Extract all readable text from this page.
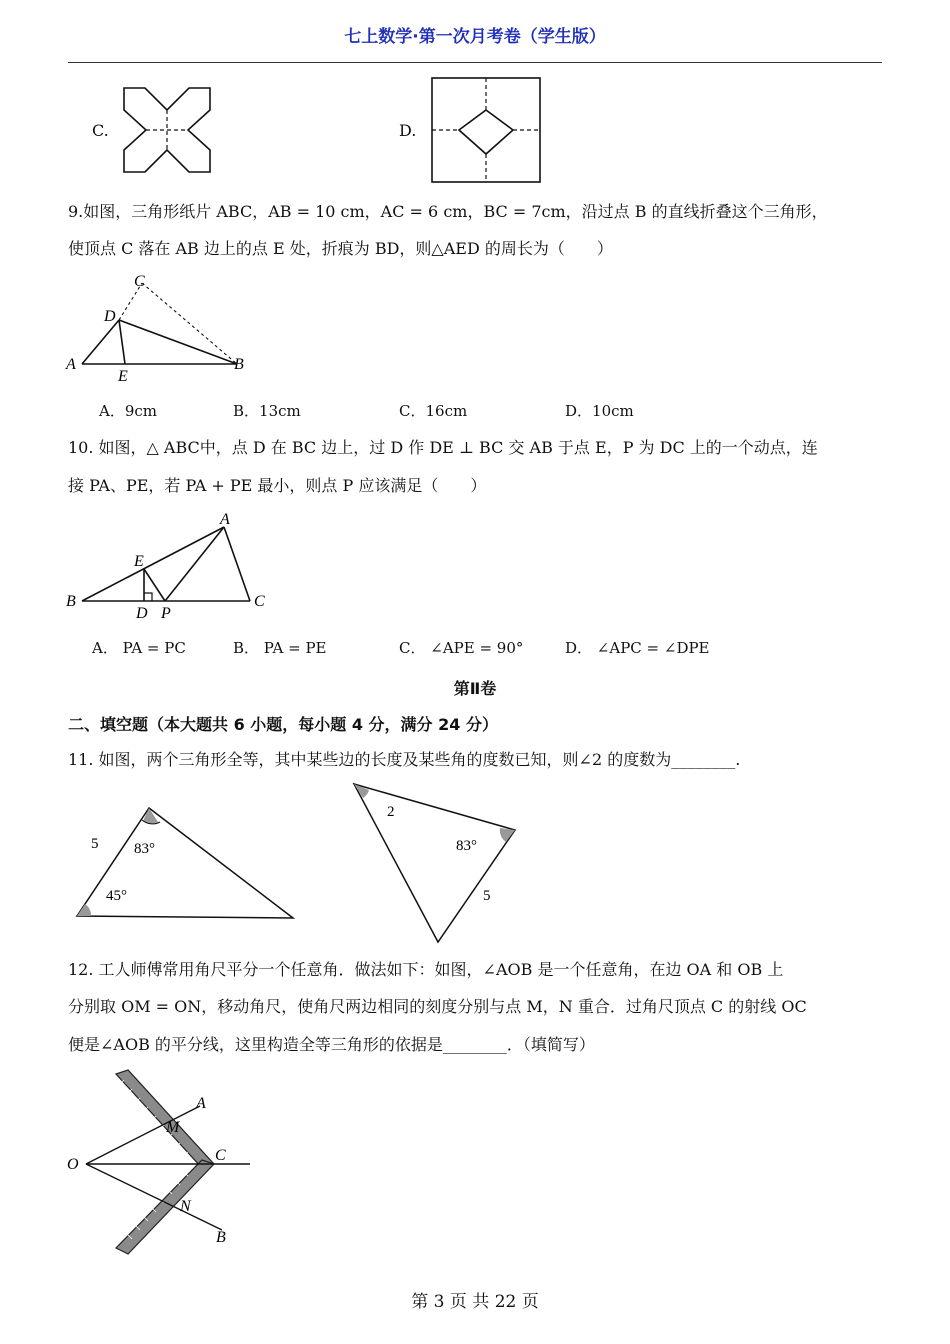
七上数学·第一次月考卷（学生版）
C.	D.
9.如图，三角形纸片 ABC，AB = 10 cm，AC = 6 cm，BC = 7cm，沿过点 B 的直线折叠这个三角形，
使顶点 C 落在 AB 边上的点 E 处，折痕为 BD，则△AED 的周长为（　　）
C
D
A
E
B
A．9cm	B．13cm	C．16cm	D．10cm
10. 如图，△ ABC中，点 D 在 BC 边上，过 D 作 DE ⊥ BC 交 AB 于点 E，P 为 DC 上的一个动点，连
接 PA、PE，若 PA + PE 最小，则点 P 应该满足（　　）
A
E
B
D P
C
A． PA = PC	B． PA = PE	C． ∠APE = 90°	D． ∠APC = ∠DPE
第Ⅱ卷
二、填空题（本大题共 6 小题，每小题 4 分，满分 24 分）
11. 如图，两个三角形全等，其中某些边的长度及某些角的度数已知，则∠2 的度数为________.
5 83°
45°
2
83°
5
12. 工人师傅常用角尺平分一个任意角．做法如下：如图，∠AOB 是一个任意角，在边 OA 和 OB 上
分别取 OM = ON，移动角尺，使角尺两边相同的刻度分别与点 M，N 重合．过角尺顶点 C 的射线 OC
便是∠AOB 的平分线，这里构造全等三角形的依据是________．（填简写）
O
M
A
C
N
B
第 3 页 共 22 页
